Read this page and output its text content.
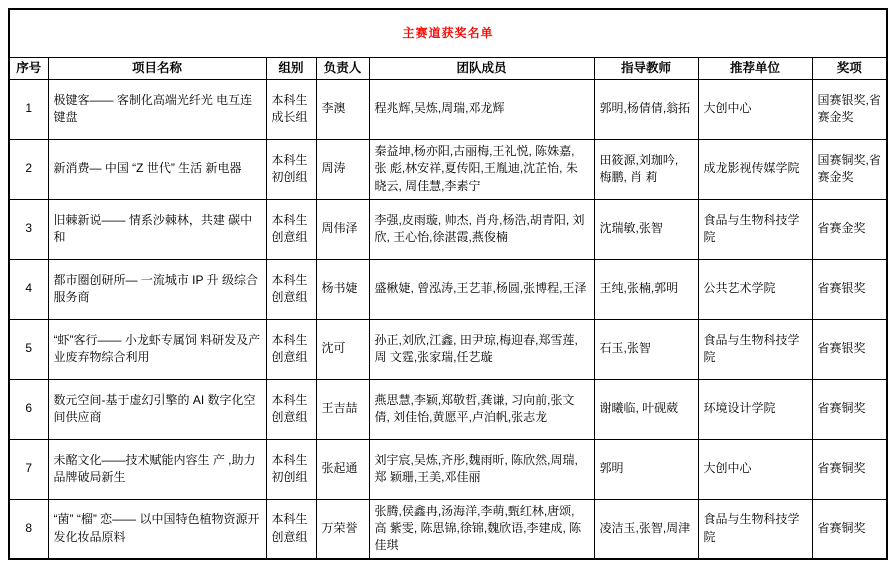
主赛道获奖名单							
序号	项目名称	组别	负责人	团队成员	指导教师	推荐单位	奖项
1	极键客—— 客制化高端光纤光 电互连键盘	本科生成长组	李澳	程兆辉,吴炼,周瑞,邓龙辉	郭明,杨倩倩,翁拓	大创中心	国赛银奖,省赛金奖
2	新消费— 中国 “Z 世代” 生活 新电器	本科生初创组	周涛	秦益坤,杨亦阳,古丽梅,王礼悦, 陈姝嘉, 张 彪,林安祥,夏传阳,王胤迪,沈芷怡, 朱晓云, 周佳慧,李素宁	田筱源,刘珈吟, 梅鹏, 肖 莉	成龙影视传媒学院	国赛铜奖,省赛金奖
3	旧棘新说—— 情系沙棘林，共建 碳中和	本科生创意组	周伟泽	李强,皮雨璇, 帅杰, 肖舟,杨浩,胡青阳, 刘欣, 王心怡,徐湛霞,燕俊楠	沈瑞敏,张智	食品与生物科技学院	省赛金奖
4	都市圈创研所— 一流城市 IP 升 级综合服务商	本科生创意组	杨书婕	盛楸婕, 曾泓涛,王艺菲,杨圆,张博程,王泽	王纯,张楠,郭明	公共艺术学院	省赛银奖
5	“虾”客行—— 小龙虾专属饲 料研发及产业废弃物综合利用	本科生创意组	沈可	孙正,刘欣,江鑫, 田尹琼,梅迎春,郑雪莲,周 文霆,张家瑞,任艺璇	石玉,张智	食品与生物科技学院	省赛银奖
6	数元空间-基于虚幻引擎的 AI 数字化空间供应商	本科生创意组	王吉喆	燕思慧,李颖,郑敬哲,龚谦, 习向前,张文倩, 刘佳怡,黄愿平,卢泊帆,张志龙	谢曦临, 叶砚葳	环境设计学院	省赛铜奖
7	未酩文化——技术赋能内容生 产 ,助力品牌破局新生	本科生初创组	张起通	刘宇宸,吴炼,齐彤,魏雨昕, 陈欣然,周瑞,郑 颖珊,王美,邓佳丽	郭明	大创中心	省赛铜奖
8	“菌” “榴” 恋—— 以中国特色植物资源开发化妆品原料	本科生创意组	万荣誉	张腾,侯鑫冉,汤海洋,李萌,甄红林,唐颂, 高 紫雯, 陈思锦,徐锦,魏欣语,李建成, 陈佳琪	凌洁玉,张智,周津	食品与生物科技学院	省赛铜奖
